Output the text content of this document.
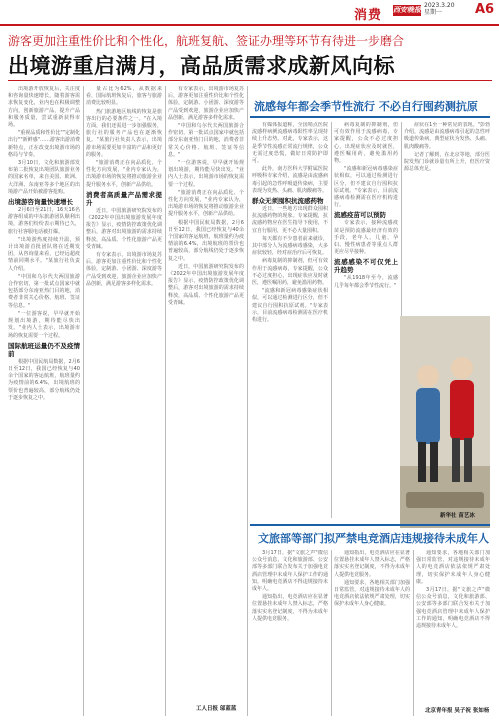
消费 西安晚报
2023.3.20
星期一	A6
游客更加注重性价比和个性化，航班复航、签证办理等环节有待进一步磨合
出境游重启满月，高品质需求成新风向标

出境游开放恢复后，关注度和咨询量快速增长，随着游客需求恢复变化，业内也在积极调整方向，创新旅游产品，提升产品和服务质量，尝试重新获得市场。

"重视品质和性价比""定制化出行""新鲜感"……游客出游消费新特点，正在改变出境游市场的格局与节奏。

3月10日，文化和旅游部发布第二批恢复出境团队旅游业务的国家名单，来自美国、欧洲、大洋洲、东南亚等多个地区的出境游产品开始被游客抢购。

出境游咨询量快速增长

2月6日至21日，16天16名游客组成的中东旅游团队顺利出境，游客们纷纷表示期待已久，旅行社客服电话被打爆。

"出境游热度持续升温，预计出境游首批团队将在近期发团，从咨询量来看，已经远超疫情前同期水平。"某旅行社负责人介绍。

"中国和乌尔代夫两国旅游合作密切，第一批试点国家中就包括部分东南亚热门目的地，消费者非常关心价格、航班、签证等信息。"

"一位游客说，早早就开始规划出境游，期待能尽快出发。"业内人士表示，出境游市场的恢复需要一个过程。

国际航班运量仍不及疫情前

根据中国民航局数据，2月6日至12日，我国已经恢复与40余个国家的客运航班，航班量约为疫情前的6.4%，出境航班的票价也普遍较高，部分航线仍处于逐步恢复之中。

量占比为62%，从数据来看，国际航班恢复后，旅客与旅游消费比较明显。

热门旅游地区航线的恢复是旅客出行的必要条件之一。"在入境方面，我们还需进一步加强服务，旅行社的服务产品也在逐渐恢复。"某旅行社负责人表示，出境游市场需要更加丰富的产品和更好的服务。

"旅游消费正在向品质化、个性化方向发展，"业内专家认为，出境游市场的恢复将推动旅游企业提升服务水平，创新产品供给。

消费者高质量产品需求提升

近日，中国旅游研究院发布的《2022年中国出境旅游发展年度报告》显示，疫情防控政策优化调整后，游客对出境旅游的需求持续释放，高品质、个性化旅游产品更受青睐。

有专家表示，出境游市场复苏后，游客更加注重性价比和个性化体验，定制游、小团游、深度游等产品受到欢迎，旅游企业应加快产品创新，满足游客多样化需求。

有专家表示，出境游市场复苏后，游客更加注重性价比和个性化体验，定制游、小团游、深度游等产品受到欢迎，旅游企业应加快产品创新，满足游客多样化需求。

"中国和乌尔代夫两国旅游合作密切，第一批试点国家中就包括部分东南亚热门目的地，消费者非常关心价格、航班、签证等信息。"

"一位游客说，早早就开始规划出境游，期待能尽快出发。"业内人士表示，出境游市场的恢复需要一个过程。

"旅游消费正在向品质化、个性化方向发展，"业内专家认为，出境游市场的恢复将推动旅游企业提升服务水平，创新产品供给。

根据中国民航局数据，2月6日至12日，我国已经恢复与40余个国家的客运航班，航班量约为疫情前的6.4%，出境航班的票价也普遍较高，部分航线仍处于逐步恢复之中。

近日，中国旅游研究院发布的《2022年中国出境旅游发展年度报告》显示，疫情防控政策优化调整后，游客对出境旅游的需求持续释放，高品质、个性化旅游产品更受青睐。

工人日报 邬蓝蓝
流感每年都会季节性流行 不必自行囤药测抗原

有媒体报道称，全国哨点医院流感样病例流感病毒阳性率呈现持续上升态势。对此，专家表示，这是季节性流感正常流行规律，公众无需过度恐慌，做好日常防护即可。

此外，南方医科大学附属医院呼吸科专家介绍，流感是由流感病毒引起的急性呼吸道传染病，主要表现为发热、头痛、肌肉酸痛等。

群众无须囤积抗流感药物

近日，一些地方出现群众囤积抗流感药物的现象。专家提醒，抗流感药物应在医生指导下使用，不宜自行服用，更不必大量囤积。

每天都有不少患者前来就诊，其中部分人为流感病毒感染，大多症状较轻，经对症治疗后可恢复。

病毒复制的抑制剂，但可有效作用于流感病毒，专家提醒，公众不必过度担心，出现症状应及时就医，遵医嘱用药，避免滥用药物。

"流感和新冠病毒感染症状相似，可以通过检测进行区分，但不建议自行囤积抗原试剂。"专家表示，目前流感病毒检测需在医疗机构进行。

病毒复制的抑制剂，但可有效作用于流感病毒，专家提醒，公众不必过度担心，出现症状应及时就医，遵医嘱用药，避免滥用药物。

"流感和新冠病毒感染症状相似，可以通过检测进行区分，但不建议自行囤积抗原试剂。"专家表示，目前流感病毒检测需在医疗机构进行。

流感疫苗可以预防

专家表示，接种流感疫苗是预防流感最经济有效的手段，老年人、儿童、孕妇、慢性病患者等重点人群更应尽早接种。

流感感染不可仅凭上升趋势

"从1918年至今，流感几乎每年都会季节性流行。"

症状在1至一种常见的表现。"彭勃介绍，流感是由流感病毒引起的急性呼吸道传染病，典型症状为发热、头痛、肌肉酸痛等。

记者了解到，在北京等地，部分医院发热门诊就诊量有所上升，但医疗资源总体充足。

新华社 苗艺冰
文旅部等部门拟严禁电竞酒店违规接待未成年人

3月17日，据"文旅之声"微信公众号消息，文化和旅游部、公安部等多部门联合发布关于加强电竞酒店管理中未成年人保护工作的通知，明确电竞酒店不得违规接待未成年人。

通知指出，电竞酒店应在显著位置悬挂未成年人禁入标志，严格落实实名登记制度，不得为未成年人提供电竞服务。

通知指出，电竞酒店应在显著位置悬挂未成年人禁入标志，严格落实实名登记制度，不得为未成年人提供电竞服务。

通知要求，各地相关部门加强日常监管，对违规接待未成年人的电竞酒店依法依规严肃处理，切实保护未成年人身心健康。

通知要求，各地相关部门加强日常监管，对违规接待未成年人的电竞酒店依法依规严肃处理，切实保护未成年人身心健康。

3月17日，据"文旅之声"微信公众号消息，文化和旅游部、公安部等多部门联合发布关于加强电竞酒店管理中未成年人保护工作的通知，明确电竞酒店不得违规接待未成年人。

北京青年报 吴子祝 张如杨
